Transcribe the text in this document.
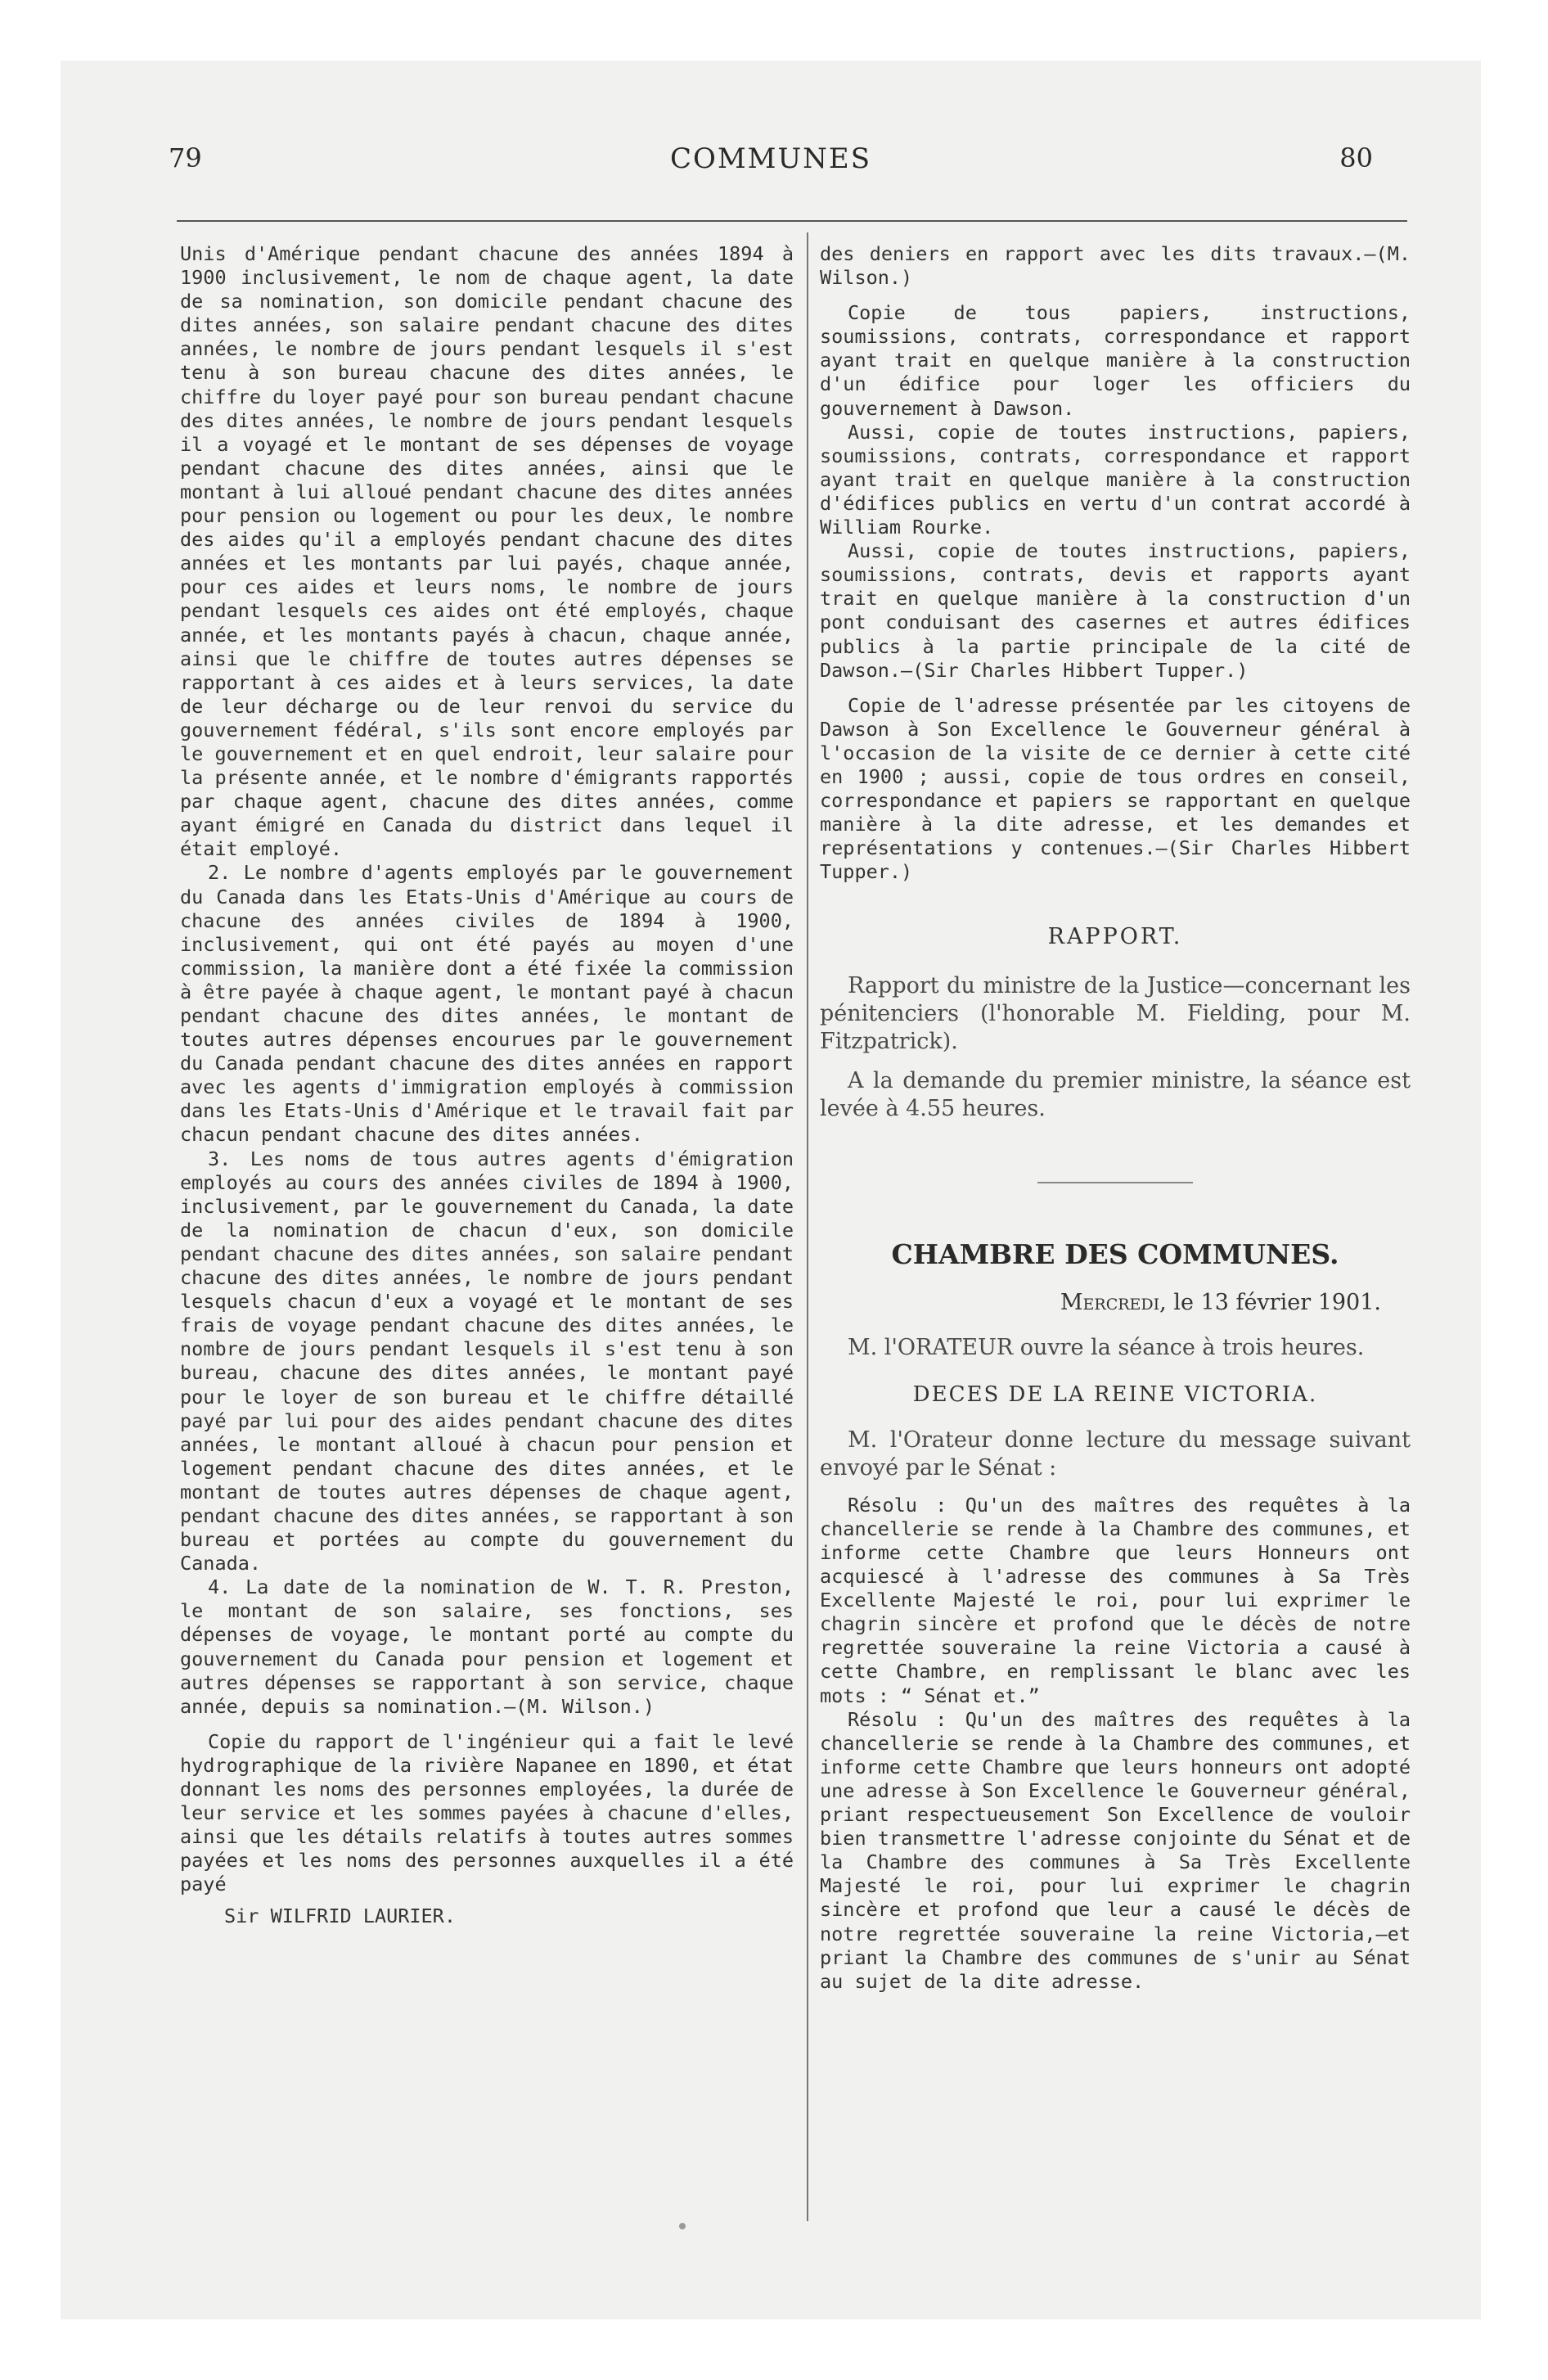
79	COMMUNES	80

Unis d'Amérique pendant chacune des années 1894 à 1900 inclusivement, le nom de chaque agent, la date de sa nomination, son domicile pendant chacune des dites années, son salaire pendant chacune des dites années, le nombre de jours pendant lesquels il s'est tenu à son bureau chacune des dites années, le chiffre du loyer payé pour son bureau pendant chacune des dites années, le nombre de jours pendant lesquels il a voyagé et le montant de ses dépenses de voyage pendant chacune des dites années, ainsi que le montant à lui alloué pendant chacune des dites années pour pension ou logement ou pour les deux, le nombre des aides qu'il a employés pendant chacune des dites années et les montants par lui payés, chaque année, pour ces aides et leurs noms, le nombre de jours pendant lesquels ces aides ont été employés, chaque année, et les montants payés à chacun, chaque année, ainsi que le chiffre de toutes autres dépenses se rapportant à ces aides et à leurs services, la date de leur décharge ou de leur renvoi du service du gouvernement fédéral, s'ils sont encore employés par le gouvernement et en quel endroit, leur salaire pour la présente année, et le nombre d'émigrants rapportés par chaque agent, chacune des dites années, comme ayant émigré en Canada du district dans lequel il était employé.

2. Le nombre d'agents employés par le gouvernement du Canada dans les Etats-Unis d'Amérique au cours de chacune des années civiles de 1894 à 1900, inclusivement, qui ont été payés au moyen d'une commission, la manière dont a été fixée la commission à être payée à chaque agent, le montant payé à chacun pendant chacune des dites années, le montant de toutes autres dépenses encourues par le gouvernement du Canada pendant chacune des dites années en rapport avec les agents d'immigration employés à commission dans les Etats-Unis d'Amérique et le travail fait par chacun pendant chacune des dites années.

3. Les noms de tous autres agents d'émigration employés au cours des années civiles de 1894 à 1900, inclusivement, par le gouvernement du Canada, la date de la nomination de chacun d'eux, son domicile pendant chacune des dites années, son salaire pendant chacune des dites années, le nombre de jours pendant lesquels chacun d'eux a voyagé et le montant de ses frais de voyage pendant chacune des dites années, le nombre de jours pendant lesquels il s'est tenu à son bureau, chacune des dites années, le montant payé pour le loyer de son bureau et le chiffre détaillé payé par lui pour des aides pendant chacune des dites années, le montant alloué à chacun pour pension et logement pendant chacune des dites années, et le montant de toutes autres dépenses de chaque agent, pendant chacune des dites années, se rapportant à son bureau et portées au compte du gouvernement du Canada.

4. La date de la nomination de W. T. R. Preston, le montant de son salaire, ses fonctions, ses dépenses de voyage, le montant porté au compte du gouvernement du Canada pour pension et logement et autres dépenses se rapportant à son service, chaque année, depuis sa nomination.—(M. Wilson.)

Copie du rapport de l'ingénieur qui a fait le levé hydrographique de la rivière Napanee en 1890, et état donnant les noms des personnes employées, la durée de leur service et les sommes payées à chacune d'elles, ainsi que les détails relatifs à toutes autres sommes payées et les noms des personnes auxquelles il a été payé

Sir WILFRID LAURIER.

des deniers en rapport avec les dits travaux.—(M. Wilson.)

Copie de tous papiers, instructions, soumissions, contrats, correspondance et rapport ayant trait en quelque manière à la construction d'un édifice pour loger les officiers du gouvernement à Dawson.

Aussi, copie de toutes instructions, papiers, soumissions, contrats, correspondance et rapport ayant trait en quelque manière à la construction d'édifices publics en vertu d'un contrat accordé à William Rourke.

Aussi, copie de toutes instructions, papiers, soumissions, contrats, devis et rapports ayant trait en quelque manière à la construction d'un pont conduisant des casernes et autres édifices publics à la partie principale de la cité de Dawson.—(Sir Charles Hibbert Tupper.)

Copie de l'adresse présentée par les citoyens de Dawson à Son Excellence le Gouverneur général à l'occasion de la visite de ce dernier à cette cité en 1900 ; aussi, copie de tous ordres en conseil, correspondance et papiers se rapportant en quelque manière à la dite adresse, et les demandes et représentations y contenues.—(Sir Charles Hibbert Tupper.)

RAPPORT.

Rapport du ministre de la Justice—concernant les pénitenciers (l'honorable M. Fielding, pour M. Fitzpatrick).

A la demande du premier ministre, la séance est levée à 4.55 heures.

CHAMBRE DES COMMUNES.

Mercredi, le 13 février 1901.

M. l'ORATEUR ouvre la séance à trois heures.

DECES DE LA REINE VICTORIA.

M. l'Orateur donne lecture du message suivant envoyé par le Sénat :

Résolu : Qu'un des maîtres des requêtes à la chancellerie se rende à la Chambre des communes, et informe cette Chambre que leurs Honneurs ont acquiescé à l'adresse des communes à Sa Très Excellente Majesté le roi, pour lui exprimer le chagrin sincère et profond que le décès de notre regrettée souveraine la reine Victoria a causé à cette Chambre, en remplissant le blanc avec les mots : “ Sénat et.”

Résolu : Qu'un des maîtres des requêtes à la chancellerie se rende à la Chambre des communes, et informe cette Chambre que leurs honneurs ont adopté une adresse à Son Excellence le Gouverneur général, priant respectueusement Son Excellence de vouloir bien transmettre l'adresse conjointe du Sénat et de la Chambre des communes à Sa Très Excellente Majesté le roi, pour lui exprimer le chagrin sincère et profond que leur a causé le décès de notre regrettée souveraine la reine Victoria,—et priant la Chambre des communes de s'unir au Sénat au sujet de la dite adresse.
